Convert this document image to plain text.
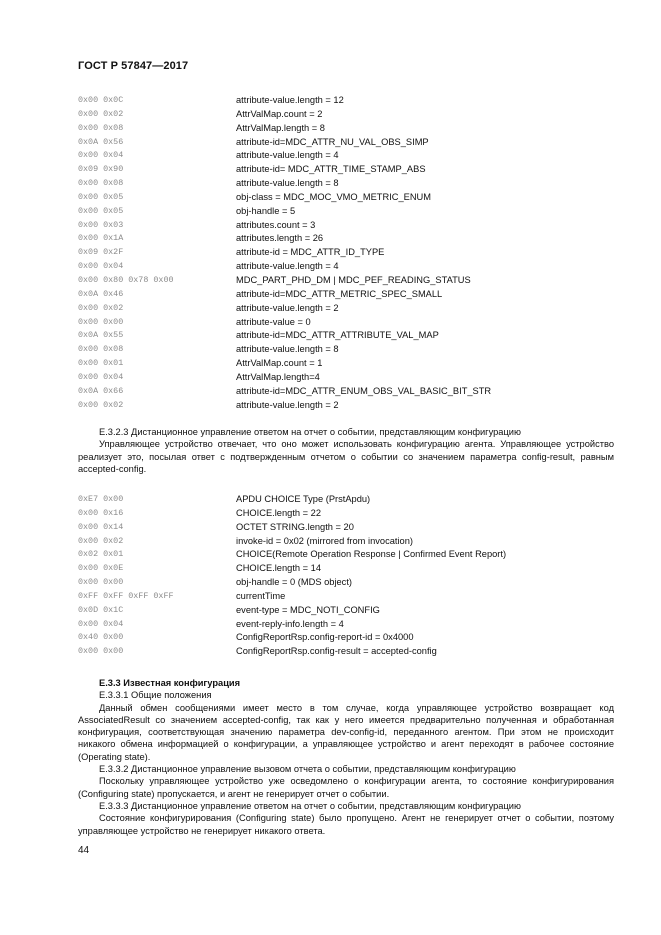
ГОСТ Р 57847—2017
0x00 0x0C	attribute-value.length = 12
0x00 0x02	AttrValMap.count = 2
0x00 0x08	AttrValMap.length = 8
0x0A 0x56	attribute-id=MDC_ATTR_NU_VAL_OBS_SIMP
0x00 0x04	attribute-value.length = 4
0x09 0x90	attribute-id= MDC_ATTR_TIME_STAMP_ABS
0x00 0x08	attribute-value.length = 8
0x00 0x05	obj-class = MDC_MOC_VMO_METRIC_ENUM
0x00 0x05	obj-handle = 5
0x00 0x03	attributes.count = 3
0x00 0x1A	attributes.length = 26
0x09 0x2F	attribute-id = MDC_ATTR_ID_TYPE
0x00 0x04	attribute-value.length = 4
0x00 0x80 0x78 0x00	MDC_PART_PHD_DM | MDC_PEF_READING_STATUS
0x0A 0x46	attribute-id=MDC_ATTR_METRIC_SPEC_SMALL
0x00 0x02	attribute-value.length = 2
0x00 0x00	attribute-value = 0
0x0A 0x55	attribute-id=MDC_ATTR_ATTRIBUTE_VAL_MAP
0x00 0x08	attribute-value.length = 8
0x00 0x01	AttrValMap.count = 1
0x00 0x04	AttrValMap.length=4
0x0A 0x66	attribute-id=MDC_ATTR_ENUM_OBS_VAL_BASIC_BIT_STR
0x00 0x02	attribute-value.length = 2

Е.3.2.3 Дистанционное управление ответом на отчет о событии, представляющим конфигурацию

Управляющее устройство отвечает, что оно может использовать конфигурацию агента. Управляющее устройство реализует это, посылая ответ с подтвержденным отчетом о событии со значением параметра config-result, равным accepted-config.

0xE7 0x00	APDU CHOICE Type (PrstApdu)
0x00 0x16	CHOICE.length = 22
0x00 0x14	OCTET STRING.length = 20
0x00 0x02	invoke-id = 0x02 (mirrored from invocation)
0x02 0x01	CHOICE(Remote Operation Response | Confirmed Event Report)
0x00 0x0E	CHOICE.length = 14
0x00 0x00	obj-handle = 0 (MDS object)
0xFF 0xFF 0xFF 0xFF	currentTime
0x0D 0x1C	event-type = MDC_NOTI_CONFIG
0x00 0x04	event-reply-info.length = 4
0x40 0x00	ConfigReportRsp.config-report-id = 0x4000
0x00 0x00	ConfigReportRsp.config-result = accepted-config

Е.3.3 Известная конфигурация

Е.3.3.1 Общие положения

Данный обмен сообщениями имеет место в том случае, когда управляющее устройство возвращает код AssociatedResult со значением accepted-config, так как у него имеется предварительно полученная и обработанная конфигурация, соответствующая значению параметра dev-config-id, переданного агентом. При этом не происходит никакого обмена информацией о конфигурации, а управляющее устройство и агент переходят в рабочее состояние (Operating state).

Е.3.3.2 Дистанционное управление вызовом отчета о событии, представляющим конфигурацию

Поскольку управляющее устройство уже осведомлено о конфигурации агента, то состояние конфигурирования (Configuring state) пропускается, и агент не генерирует отчет о событии.

Е.3.3.3 Дистанционное управление ответом на отчет о событии, представляющим конфигурацию

Состояние конфигурирования (Configuring state) было пропущено. Агент не генерирует отчет о событии, поэтому управляющее устройство не генерирует никакого ответа.

44
